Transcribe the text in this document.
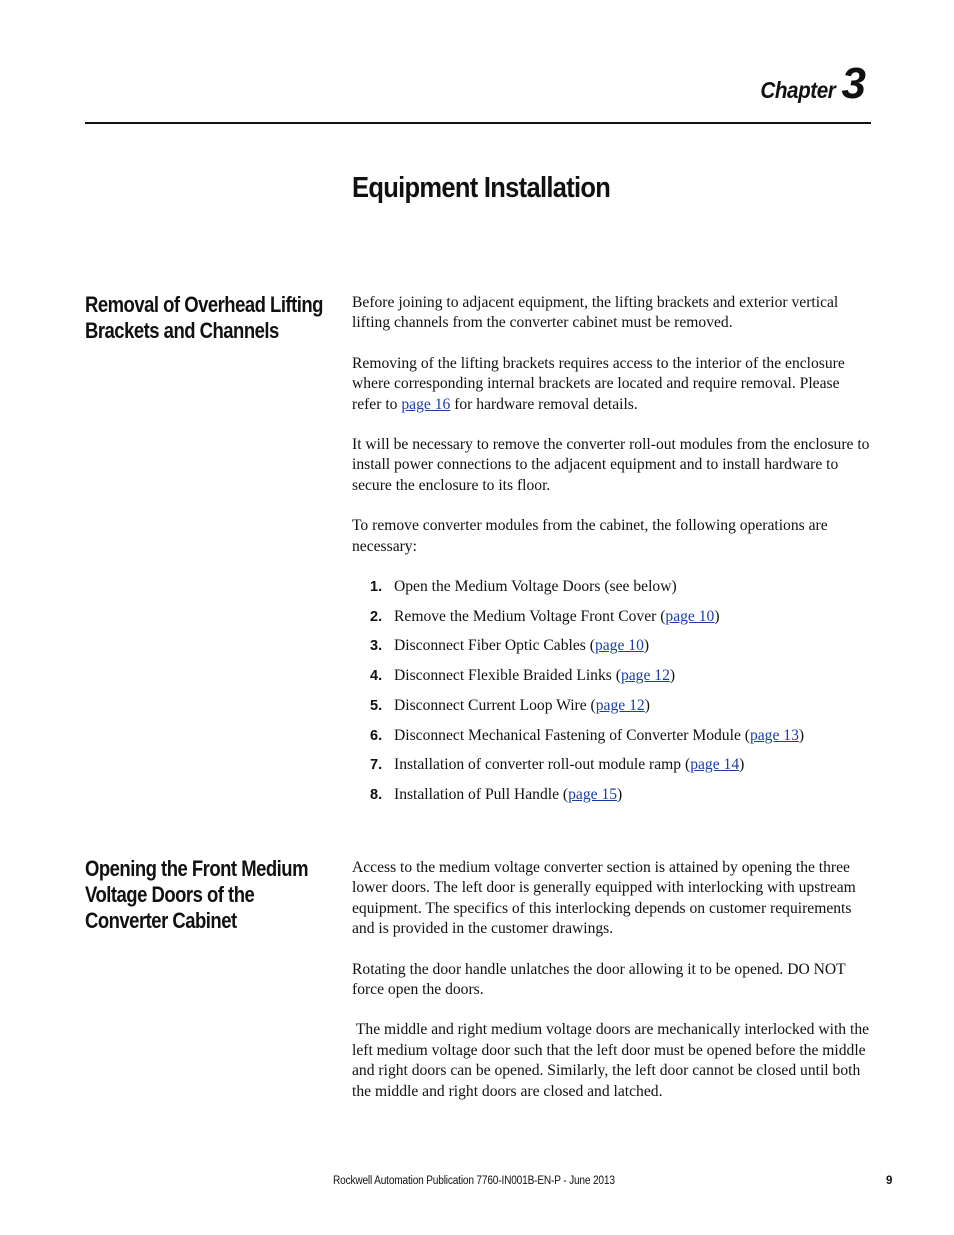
Chapter 3
Equipment Installation
Removal of Overhead Lifting Brackets and Channels

Before joining to adjacent equipment, the lifting brackets and exterior vertical lifting channels from the converter cabinet must be removed.

Removing of the lifting brackets requires access to the interior of the enclosure where corresponding internal brackets are located and require removal. Please refer to page 16 for hardware removal details.

It will be necessary to remove the converter roll-out modules from the enclosure to install power connections to the adjacent equipment and to install hardware to secure the enclosure to its floor.

To remove converter modules from the cabinet, the following operations are necessary:

1. Open the Medium Voltage Doors (see below)
2. Remove the Medium Voltage Front Cover (page 10)
3. Disconnect Fiber Optic Cables (page 10)
4. Disconnect Flexible Braided Links (page 12)
5. Disconnect Current Loop Wire (page 12)
6. Disconnect Mechanical Fastening of Converter Module (page 13)
7. Installation of converter roll-out module ramp (page 14)
8. Installation of Pull Handle (page 15)
Opening the Front Medium Voltage Doors of the Converter Cabinet

Access to the medium voltage converter section is attained by opening the three lower doors. The left door is generally equipped with interlocking with upstream equipment. The specifics of this interlocking depends on customer requirements and is provided in the customer drawings.

Rotating the door handle unlatches the door allowing it to be opened. DO NOT force open the doors.

The middle and right medium voltage doors are mechanically interlocked with the left medium voltage door such that the left door must be opened before the middle and right doors can be opened. Similarly, the left door cannot be closed until both the middle and right doors are closed and latched.

Rockwell Automation Publication 7760-IN001B-EN-P - June 2013	9
